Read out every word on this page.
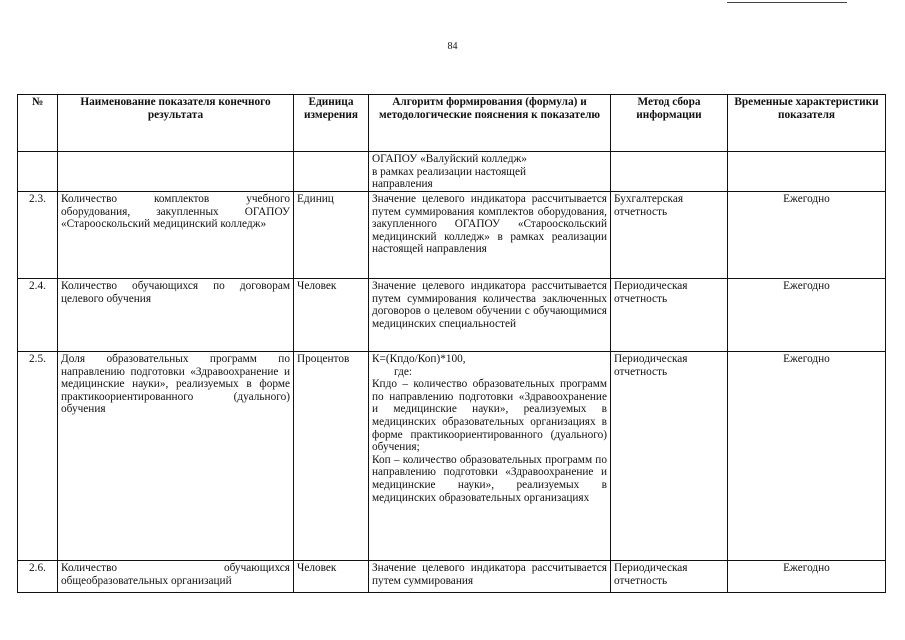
84
№	Наименование показателя конечного результата	Единица измерения	Алгоритм формирования (формула) и методологические пояснения к показателю	Метод сбора информации	Временные характеристики показателя

			ОГАПОУ «Валуйский колледж»
в рамках реализации настоящей
направления		

2.3.	Количество комплектов учебного оборудования, закупленных ОГАПОУ «Старооскольский медицинский колледж»	Единиц	Значение целевого индикатора рассчитывается путем суммирования комплектов оборудования, закупленного ОГАПОУ «Старооскольский медицинский колледж» в рамках реализации настоящей направления	Бухгалтерская отчетность	Ежегодно
2.4.	Количество обучающихся по договорам целевого обучения	Человек	Значение целевого индикатора рассчитывается путем суммирования количества заключенных договоров о целевом обучении с обучающимися медицинских специальностей	Периодическая отчетность	Ежегодно
2.5.	Доля образовательных программ по направлению подготовки «Здравоохранение и медицинские науки», реализуемых в форме практикоориентированного (дуального) обучения	Процентов	К=(Кпдо/Коп)*100,
где:
Кпдо – количество образовательных программ по направлению подготовки «Здравоохранение и медицинские науки», реализуемых в медицинских образовательных организациях в форме практикоориентированного (дуального) обучения;
Коп – количество образовательных программ по направлению подготовки «Здравоохранение и медицинские науки», реализуемых в медицинских образовательных организациях	Периодическая отчетность	Ежегодно
2.6.	Количество обучающихся общеобразовательных организаций	Человек	Значение целевого индикатора рассчитывается путем суммирования	Периодическая отчетность	Ежегодно
